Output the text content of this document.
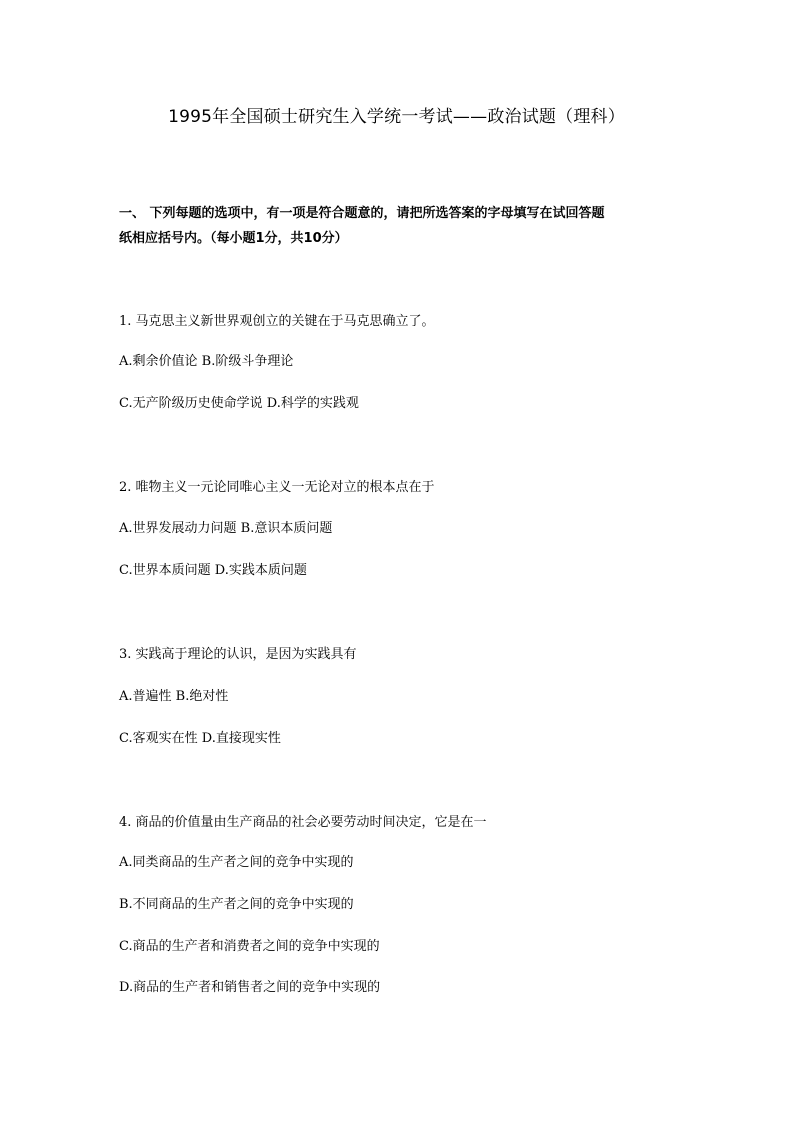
1995年全国硕士研究生入学统一考试——政治试题（理科）
一、 下列每题的选项中，有一项是符合题意的，请把所选答案的字母填写在试回答题
纸相应括号内。（每小题1分，共10分）
1. 马克思主义新世界观创立的关键在于马克思确立了。
A.剩余价值论 B.阶级斗争理论
C.无产阶级历史使命学说 D.科学的实践观
2. 唯物主义一元论同唯心主义一无论对立的根本点在于
A.世界发展动力问题 B.意识本质问题
C.世界本质问题 D.实践本质问题
3. 实践高于理论的认识，是因为实践具有
A.普遍性 B.绝对性
C.客观实在性 D.直接现实性
4. 商品的价值量由生产商品的社会必要劳动时间决定，它是在一
A.同类商品的生产者之间的竞争中实现的
B.不同商品的生产者之间的竞争中实现的
C.商品的生产者和消费者之间的竞争中实现的
D.商品的生产者和销售者之间的竞争中实现的
